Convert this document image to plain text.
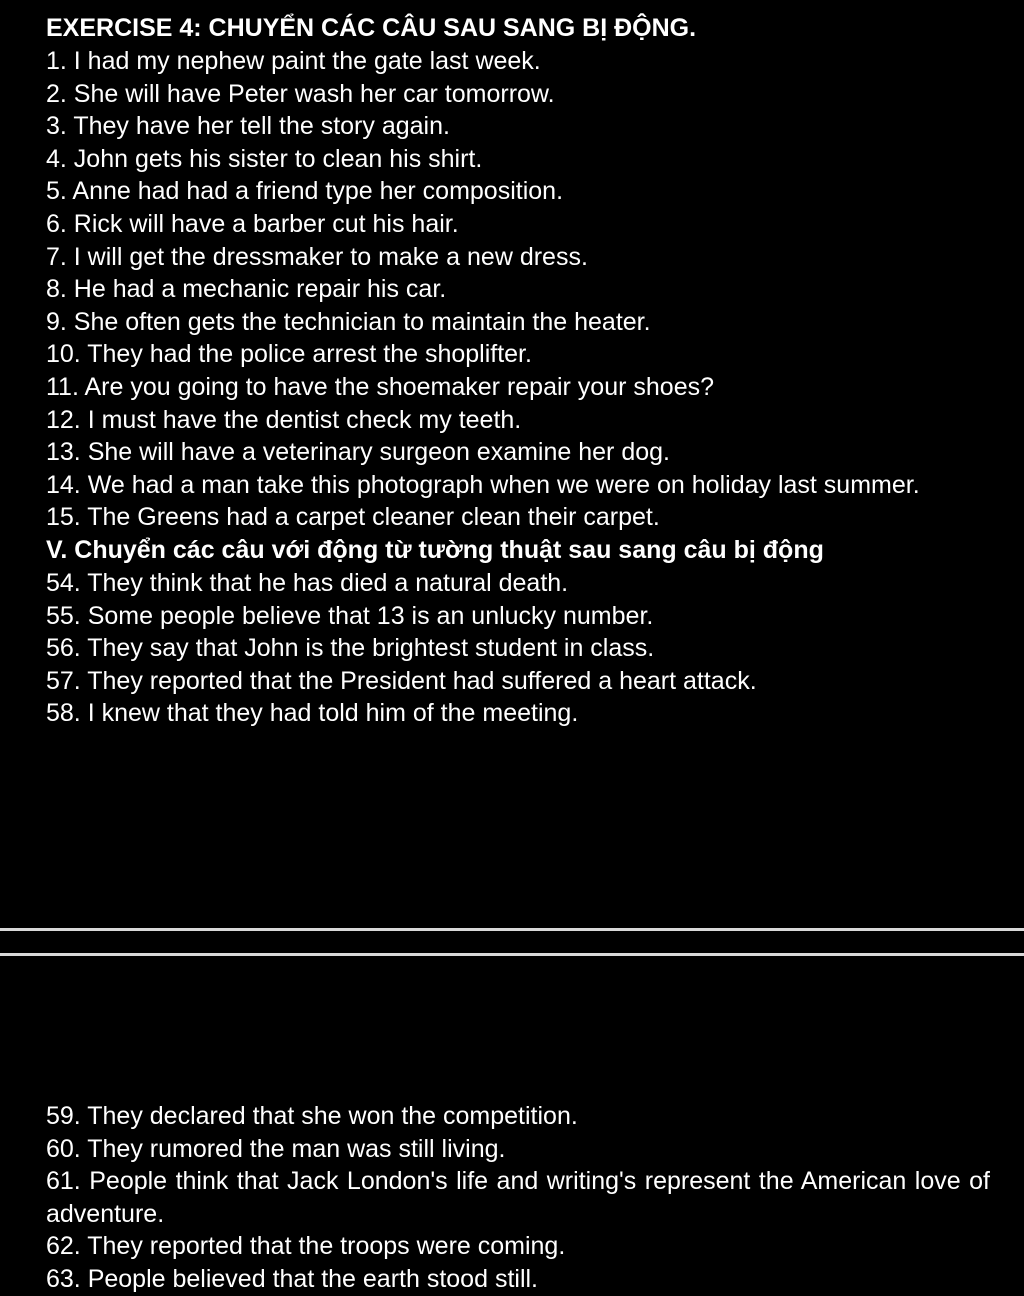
EXERCISE 4: CHUYỂN CÁC CÂU SAU SANG BỊ ĐỘNG.
1. I had my nephew paint the gate last week.
2. She will have Peter wash her car tomorrow.
3. They have her tell the story again.
4. John gets his sister to clean his shirt.
5. Anne had had a friend type her composition.
6. Rick will have a barber cut his hair.
7. I will get the dressmaker to make a new dress.
8. He had a mechanic repair his car.
9. She often gets the technician to maintain the heater.
10. They had the police arrest the shoplifter.
11. Are you going to have the shoemaker repair your shoes?
12. I must have the dentist check my teeth.
13. She will have a veterinary surgeon examine her dog.
14. We had a man take this photograph when we were on holiday last summer.
15. The Greens had a carpet cleaner clean their carpet.
V. Chuyển các câu với động từ tường thuật sau sang câu bị động
54. They think that he has died a natural death.
55. Some people believe that 13 is an unlucky number.
56. They say that John is the brightest student in class.
57. They reported that the President had suffered a heart attack.
58. I knew that they had told him of the meeting.
59. They declared that she won the competition.
60. They rumored the man was still living.
61. People think that Jack London's life and writing's represent the American love of adventure.
62. They reported that the troops were coming.
63. People believed that the earth stood still.
